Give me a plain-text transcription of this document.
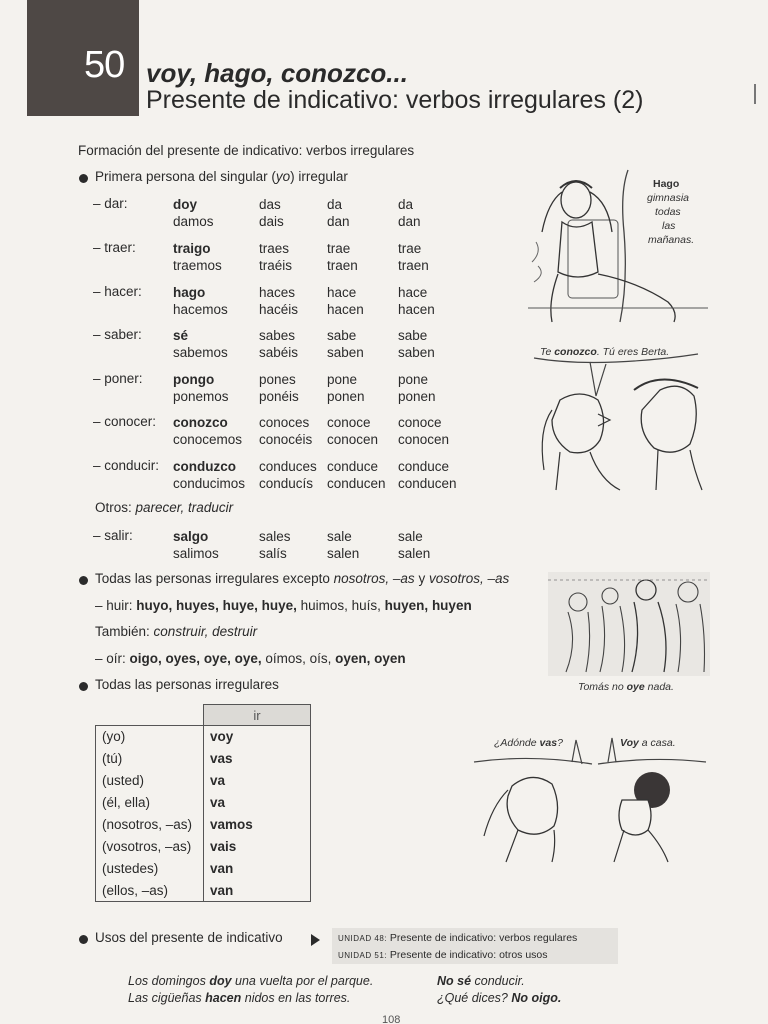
50 voy, hago, conozco...
Presente de indicativo: verbos irregulares (2)
Formación del presente de indicativo: verbos irregulares
Primera persona del singular (yo) irregular
– dar:	doy	das	da	da
damos	dais	dan	dan
– traer:	traigo	traes	trae	trae
traemos	traéis	traen	traen
– hacer: hago	haces hace	hace
hacemos hacéis hacen	hacen
– saber: sé	sabes sabe	sabe
sabemos sabéis saben	saben
– poner: pongo	pones pone	pone
ponemos ponéis ponen ponen
– conocer: conozco conoces conoce conoce
conocemos conocéis conocen conocen
– conducir: conduzco conduces conduce conduce
conducimos conducís conducen conducen
Otros: parecer, traducir
– salir:	salgo	sales	sale	sale
salimos	salís	salen	salen
Todas las personas irregulares excepto nosotros, –as y vosotros, –as
– huir: huyo, huyes, huye, huye, huimos, huís, huyen, huyen
También: construir, destruir
– oír: oigo, oyes, oye, oye, oímos, oís, oyen, oyen
Todas las personas irregulares
	ir
(yo)	voy
(tú)	vas
(usted)	va
(él, ella)	va
(nosotros, –as)	vamos
(vosotros, –as)	vais
(ustedes)	van
(ellos, –as)	van
Usos del presente de indicativo	UNIDAD 48: Presente de indicativo: verbos regulares
UNIDAD 51: Presente de indicativo: otros usos
Los domingos doy una vuelta por el parque.
Las cigüeñas hacen nidos en las torres.
No sé conducir.
¿Qué dices? No oigo.
Hago
gimnasia
todas
las
mañanas.
Te conozco. Tú eres Berta.
Tomás no oye nada.
¿Adónde vas?	Voy a casa.
108
